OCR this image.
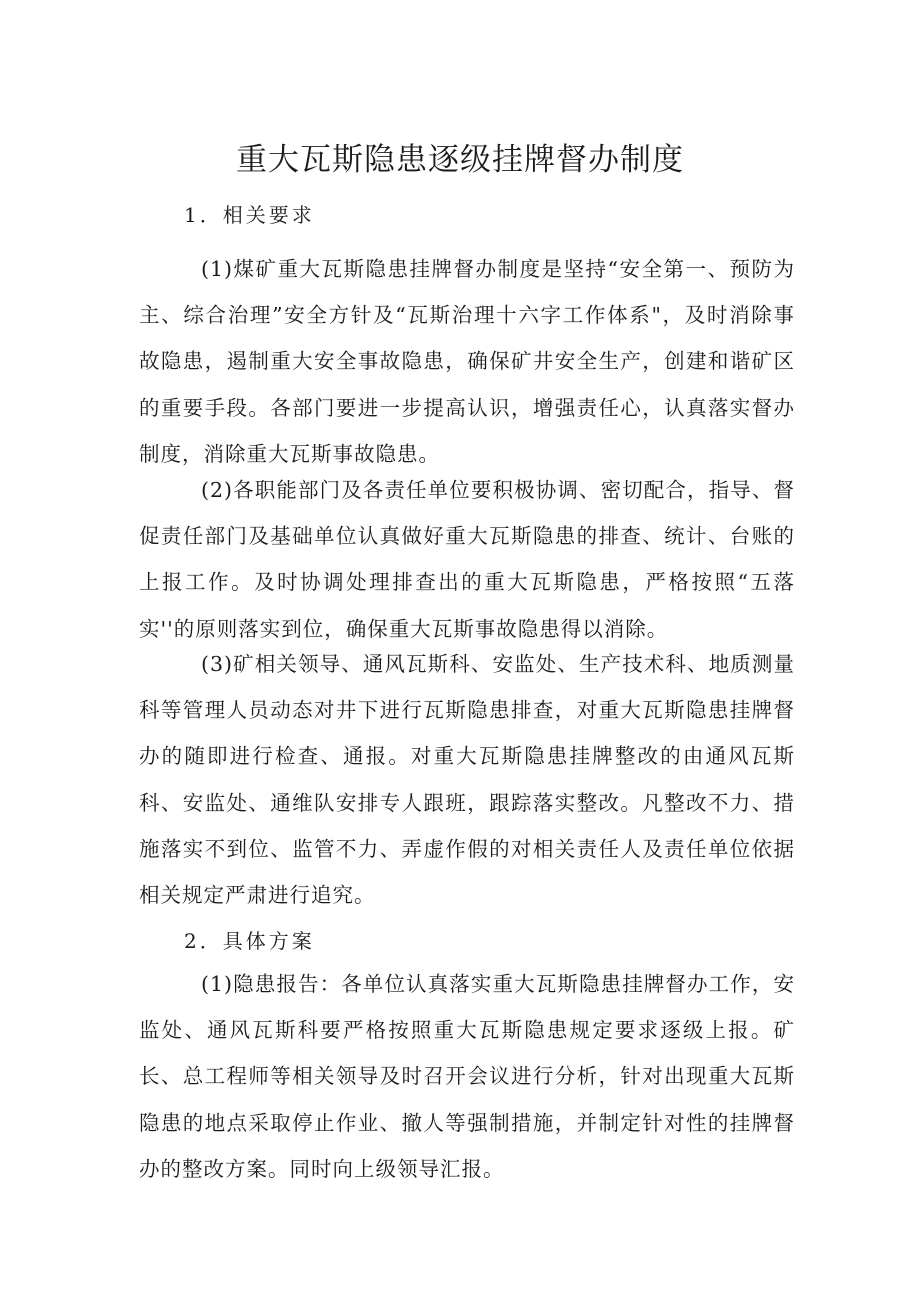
重大瓦斯隐患逐级挂牌督办制度

1．相关要求

(1)煤矿重大瓦斯隐患挂牌督办制度是坚持“安全第一、预防为主、综合治理”安全方针及“瓦斯治理十六字工作体系"，及时消除事故隐患，遏制重大安全事故隐患，确保矿井安全生产，创建和谐矿区的重要手段。各部门要进一步提高认识，增强责任心，认真落实督办制度，消除重大瓦斯事故隐患。

(2)各职能部门及各责任单位要积极协调、密切配合，指导、督促责任部门及基础单位认真做好重大瓦斯隐患的排查、统计、台账的上报工作。及时协调处理排查出的重大瓦斯隐患，严格按照“五落实''的原则落实到位，确保重大瓦斯事故隐患得以消除。

(3)矿相关领导、通风瓦斯科、安监处、生产技术科、地质测量科等管理人员动态对井下进行瓦斯隐患排查，对重大瓦斯隐患挂牌督办的随即进行检查、通报。对重大瓦斯隐患挂牌整改的由通风瓦斯科、安监处、通维队安排专人跟班，跟踪落实整改。凡整改不力、措施落实不到位、监管不力、弄虚作假的对相关责任人及责任单位依据相关规定严肃进行追究。

2．具体方案

(1)隐患报告：各单位认真落实重大瓦斯隐患挂牌督办工作，安监处、通风瓦斯科要严格按照重大瓦斯隐患规定要求逐级上报。矿长、总工程师等相关领导及时召开会议进行分析，针对出现重大瓦斯隐患的地点采取停止作业、撤人等强制措施，并制定针对性的挂牌督办的整改方案。同时向上级领导汇报。
